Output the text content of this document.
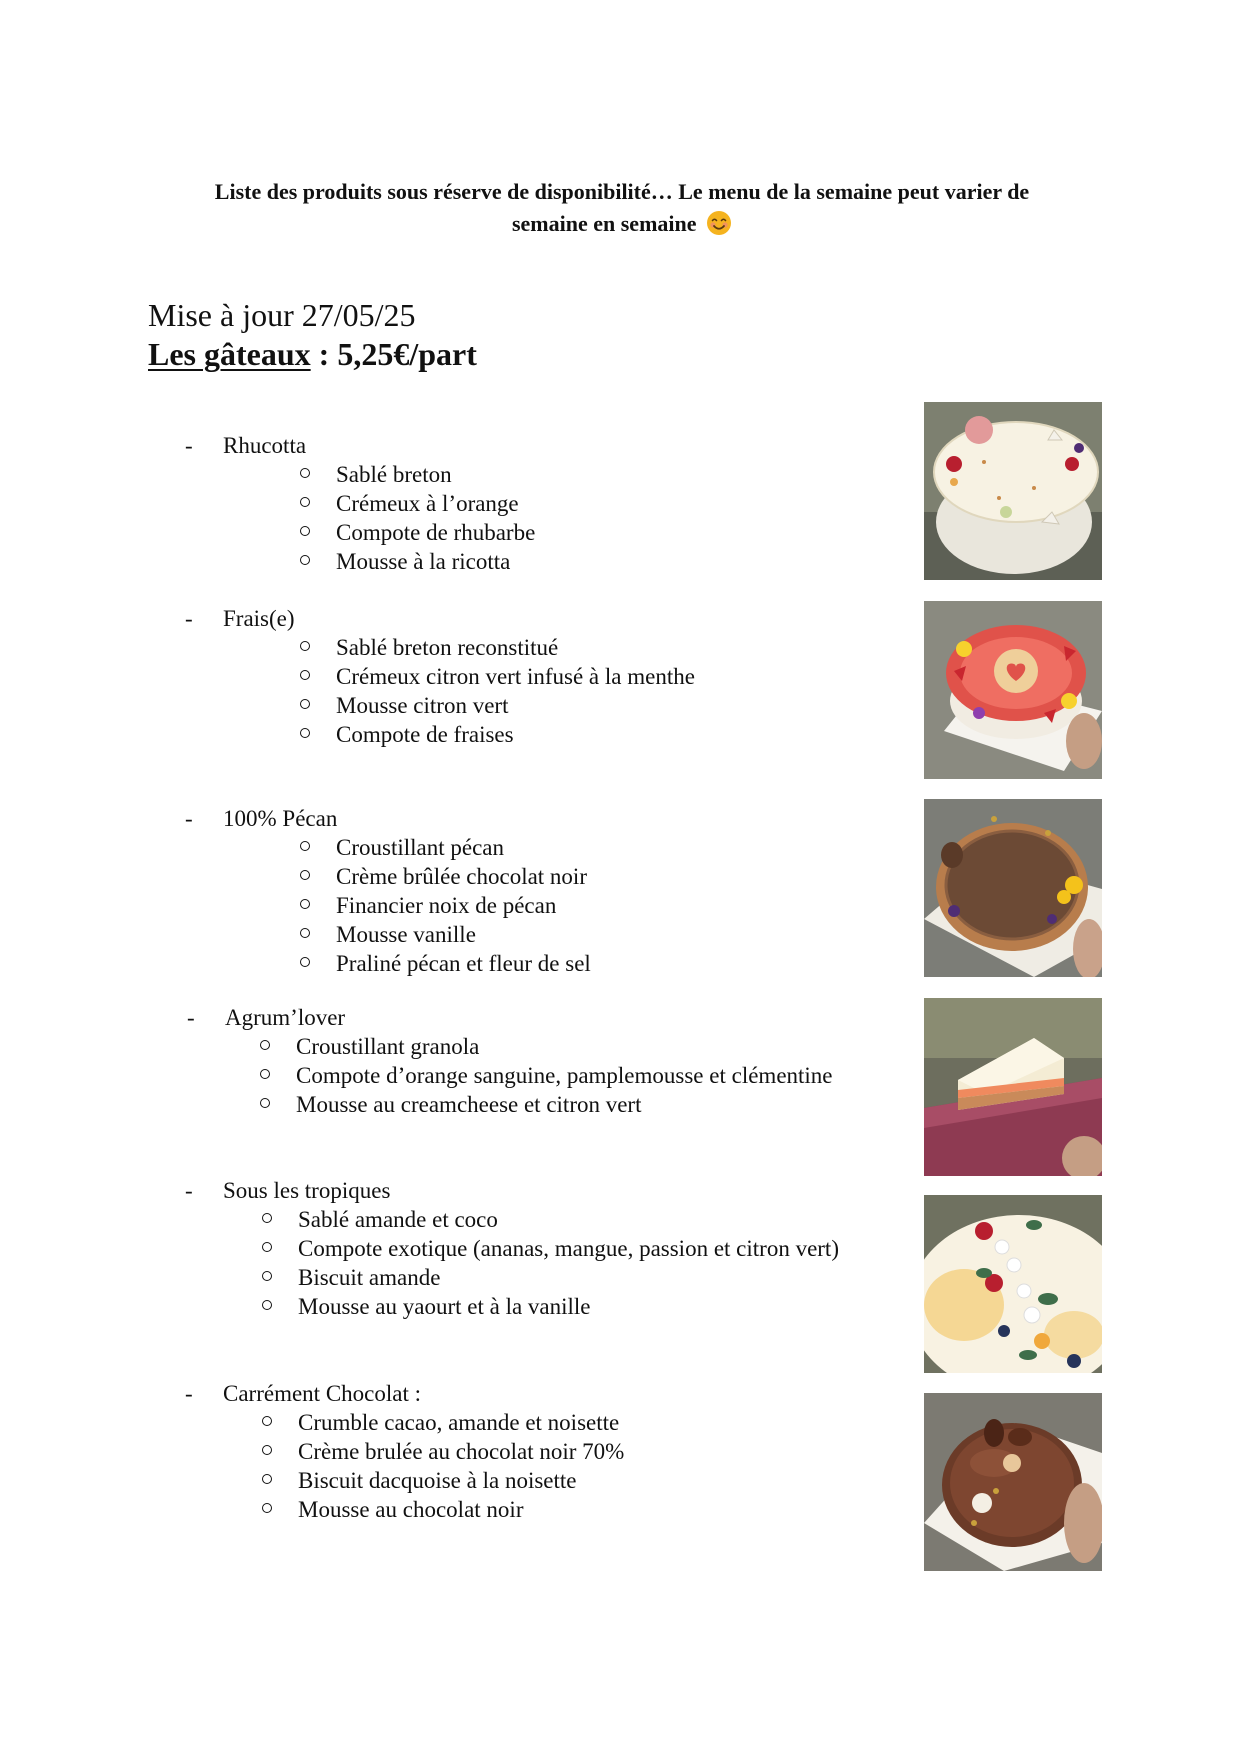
Liste des produits sous réserve de disponibilité… Le menu de la semaine peut varier de
semaine en semaine
Mise à jour 27/05/25
Les gâteaux : 5,25€/part
- Rhucotta
Sablé breton
Crémeux à l’orange
Compote de rhubarbe
Mousse à la ricotta
- Frais(e)
Sablé breton reconstitué
Crémeux citron vert infusé à la menthe
Mousse citron vert
Compote de fraises
- 100% Pécan
Croustillant pécan
Crème brûlée chocolat noir
Financier noix de pécan
Mousse vanille
Praliné pécan et fleur de sel
- Agrum’lover
Croustillant granola
Compote d’orange sanguine, pamplemousse et clémentine
Mousse au creamcheese et citron vert
- Sous les tropiques
Sablé amande et coco
Compote exotique (ananas, mangue, passion et citron vert)
Biscuit amande
Mousse au yaourt et à la vanille
- Carrément Chocolat :
Crumble cacao, amande et noisette
Crème brulée au chocolat noir 70%
Biscuit dacquoise à la noisette
Mousse au chocolat noir
